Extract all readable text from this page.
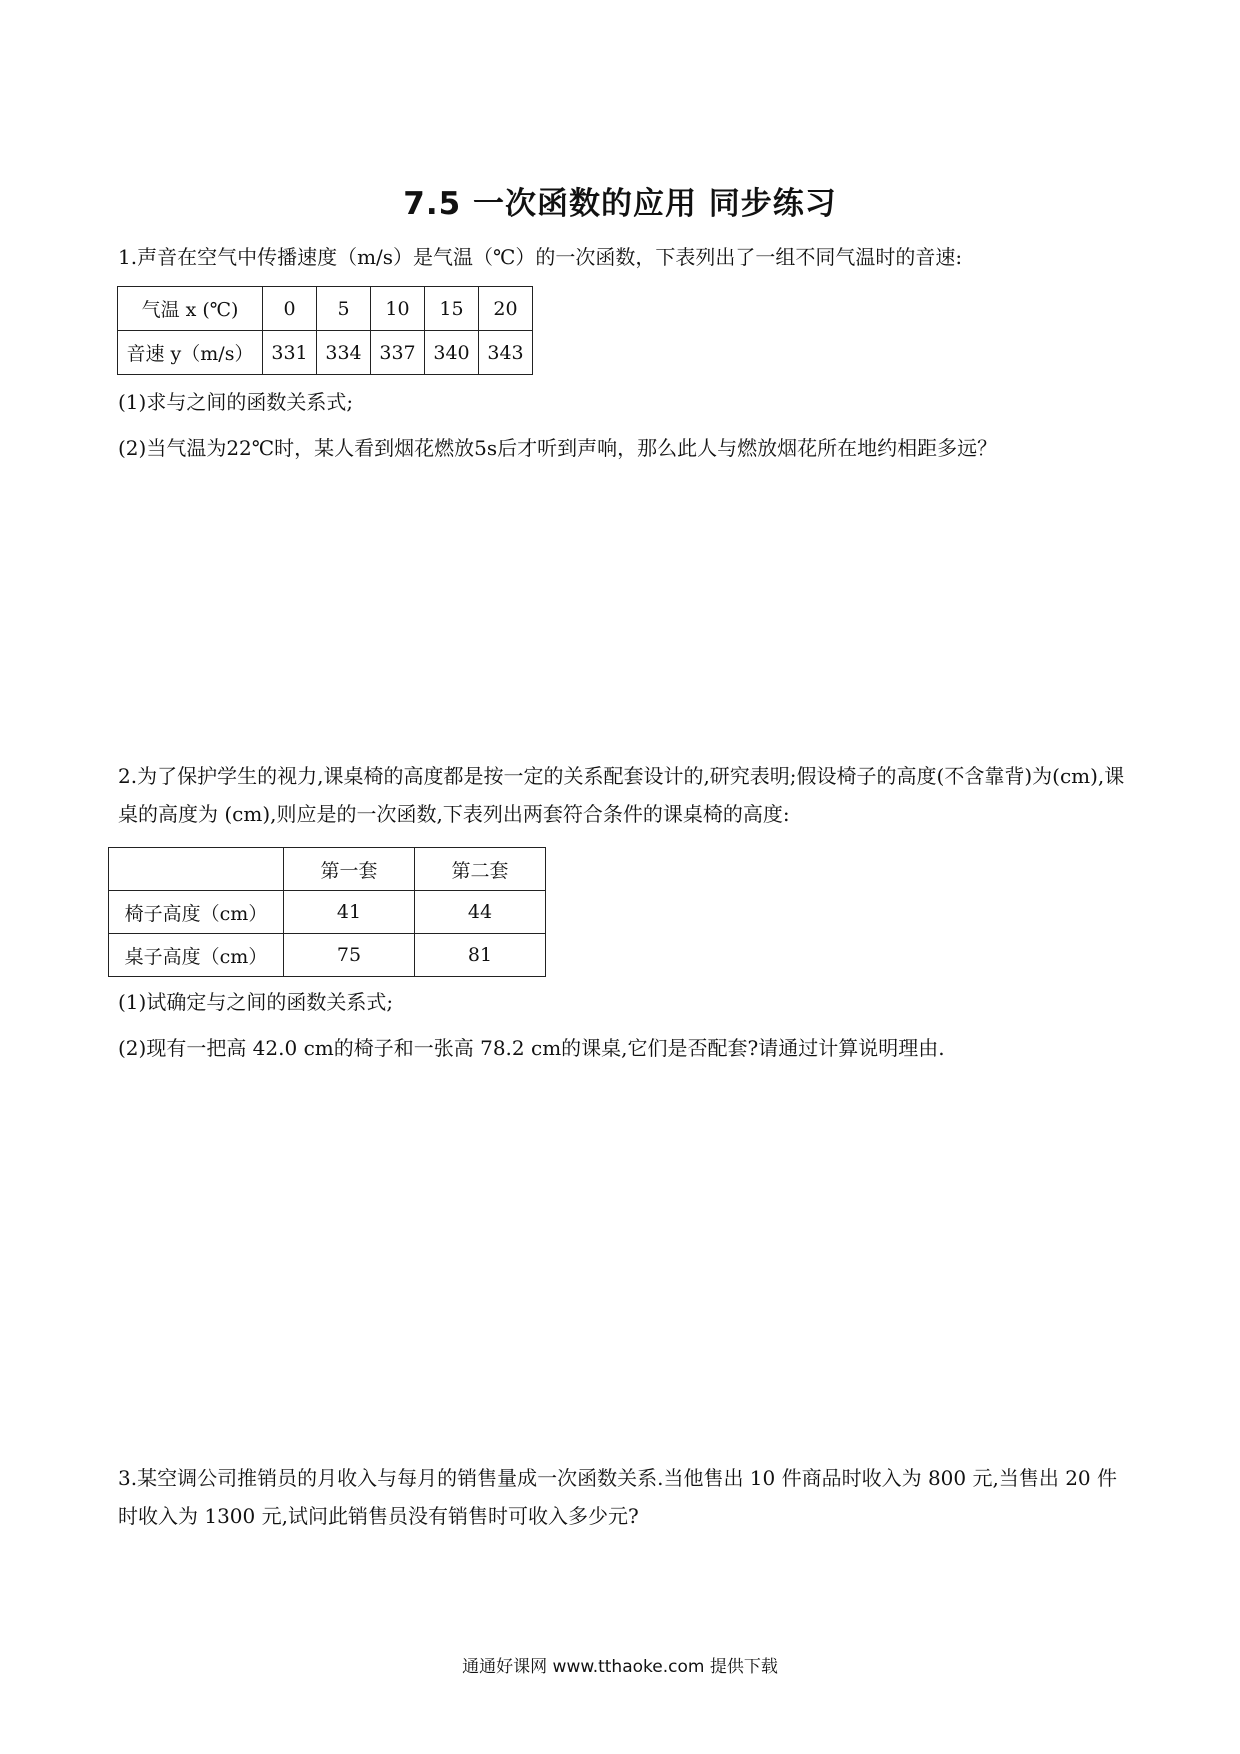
7.5 一次函数的应用 同步练习

1.声音在空气中传播速度（m/s）是气温（℃）的一次函数，下表列出了一组不同气温时的音速:

气温 x (℃)	0	5	10	15	20
音速 y（m/s）	331	334	337	340	343

(1)求与之间的函数关系式;

(2)当气温为22℃时，某人看到烟花燃放5s后才听到声响，那么此人与燃放烟花所在地约相距多远？

2.为了保护学生的视力,课桌椅的高度都是按一定的关系配套设计的,研究表明;假设椅子的高度(不含靠背)为(cm),课桌的高度为 (cm),则应是的一次函数,下表列出两套符合条件的课桌椅的高度:

	第一套	第二套
椅子高度（cm）	41	44
桌子高度（cm）	75	81

(1)试确定与之间的函数关系式;

(2)现有一把高 42.0 cm的椅子和一张高 78.2 cm的课桌,它们是否配套?请通过计算说明理由.

3.某空调公司推销员的月收入与每月的销售量成一次函数关系.当他售出 10 件商品时收入为 800 元,当售出 20 件时收入为 1300 元,试问此销售员没有销售时可收入多少元?

通通好课网 www.tthaoke.com 提供下载
